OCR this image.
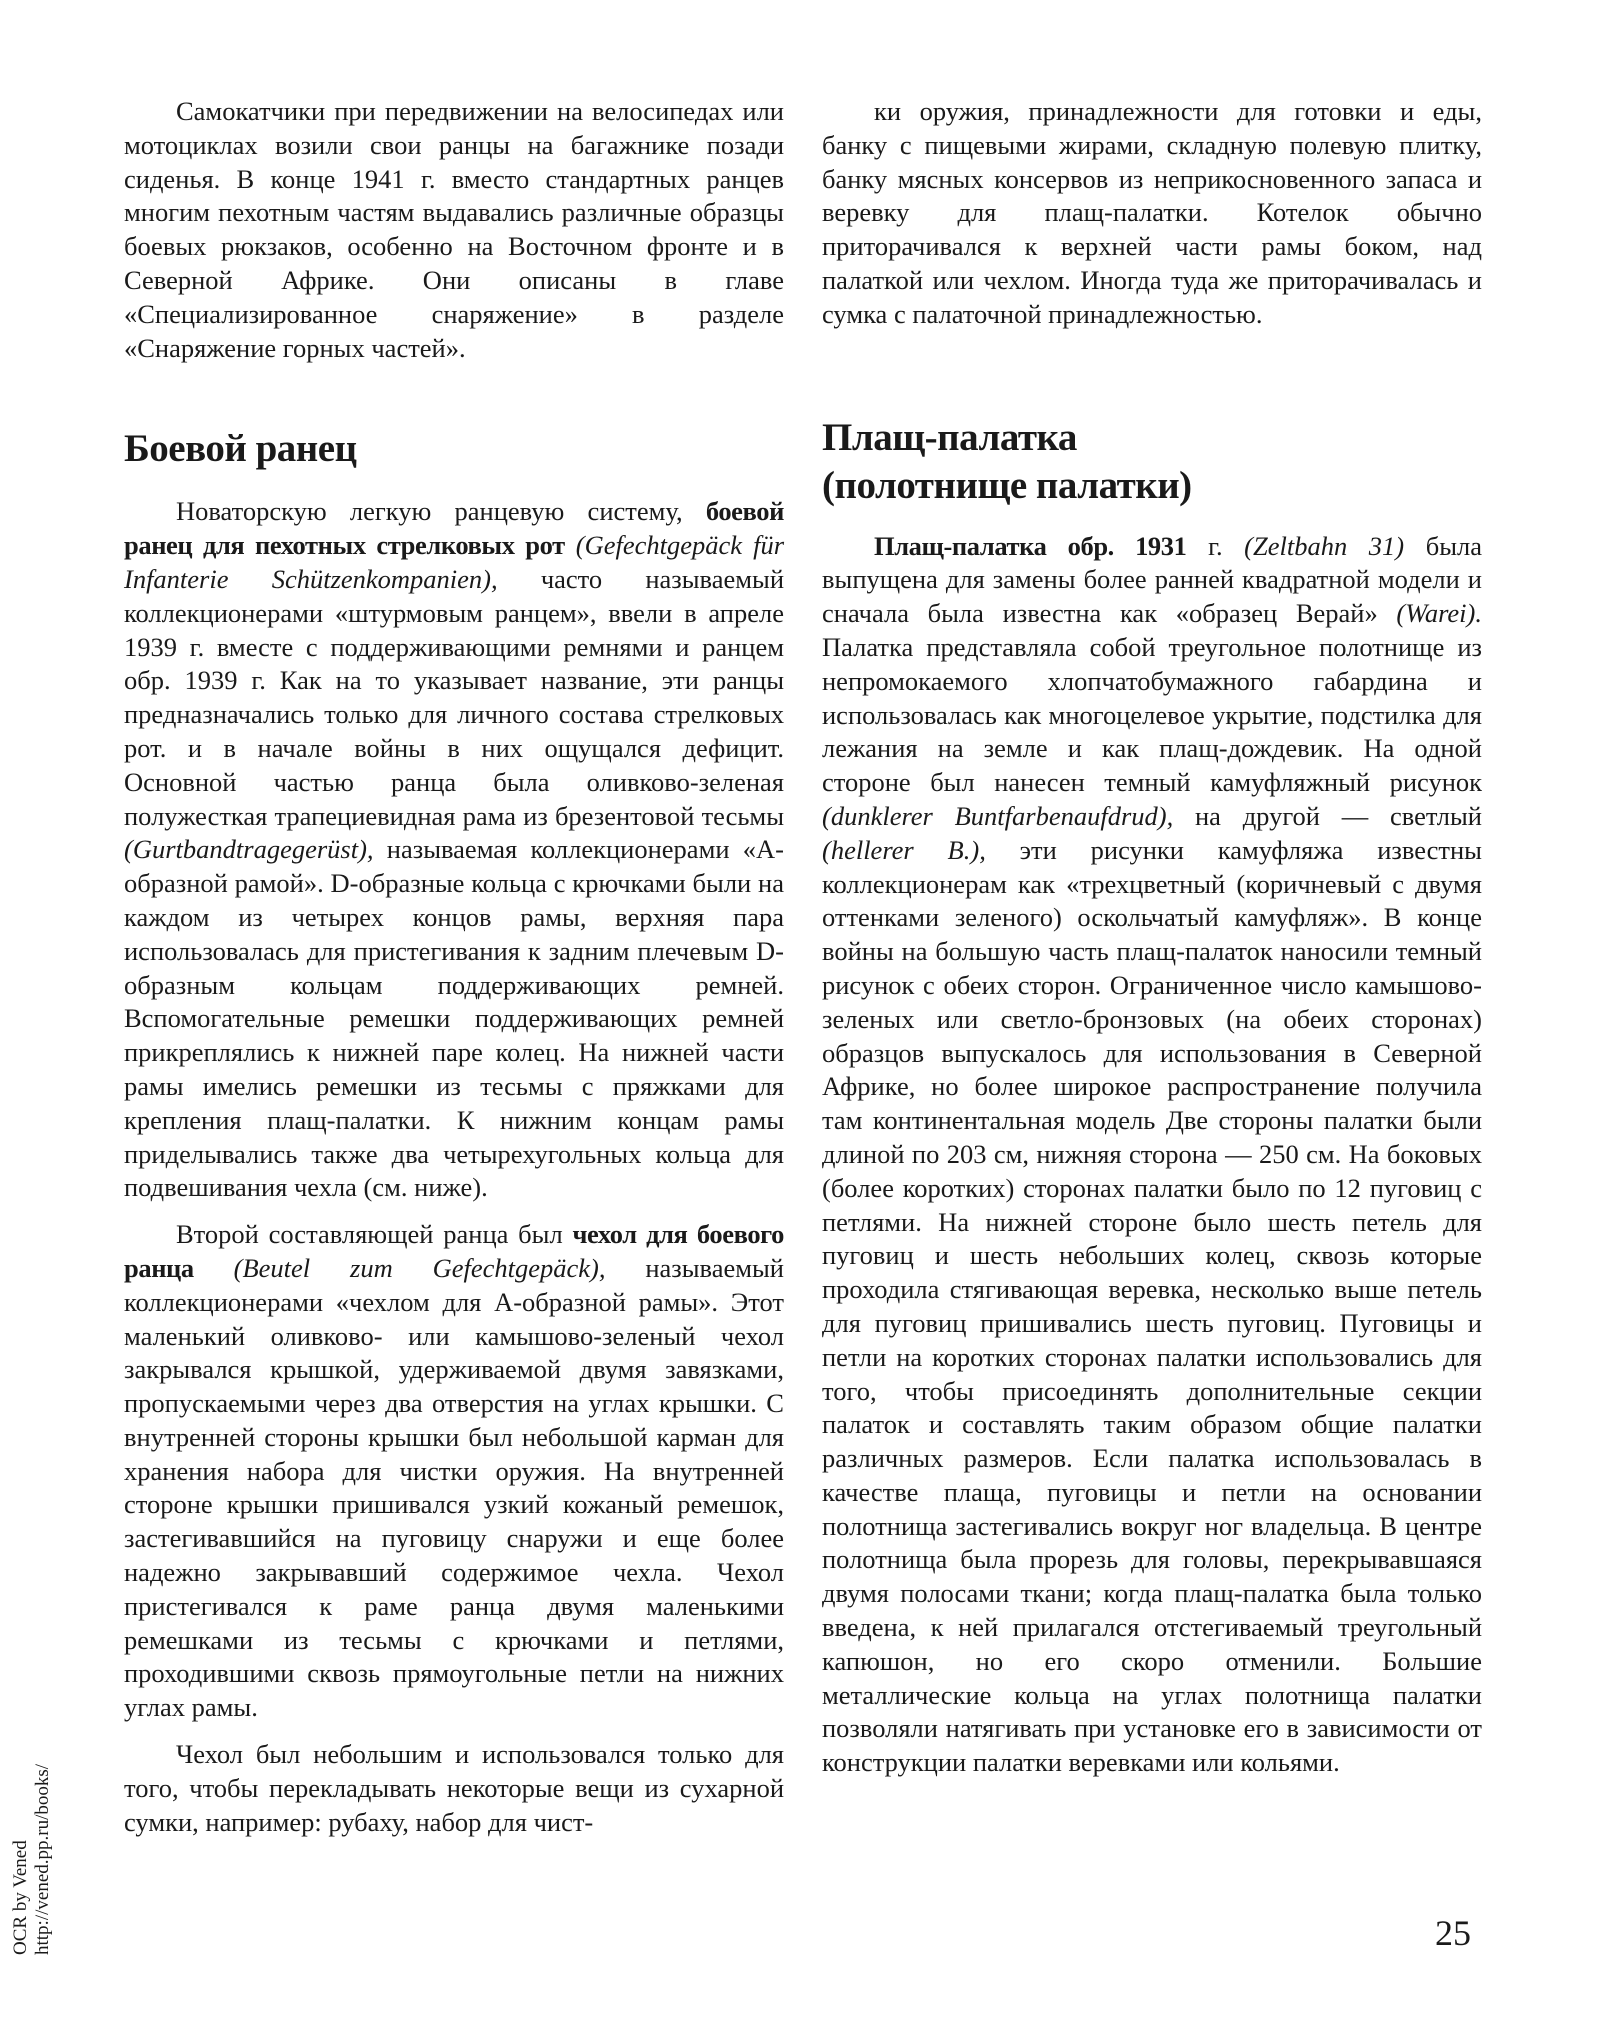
Самокатчики при передвижении на велосипедах или мотоциклах возили свои ранцы на багажнике позади сиденья. В конце 1941 г. вместо стандартных ранцев многим пехотным частям выдавались различные образцы боевых рюкзаков, особенно на Восточном фронте и в Северной Африке. Они описаны в главе «Специализированное снаряжение» в разделе «Снаряжение горных частей».

Боевой ранец

Новаторскую легкую ранцевую систему, боевой ранец для пехотных стрелковых рот (Gefechtgepäck für Infanterie Schützenkompanien), часто называемый коллекционерами «штурмовым ранцем», ввели в апреле 1939 г. вместе с поддерживающими ремнями и ранцем обр. 1939 г. Как на то указывает название, эти ранцы предназначались только для личного состава стрелковых рот. и в начале войны в них ощущался дефицит. Основной частью ранца была оливково-зеленая полужесткая трапециевидная рама из брезентовой тесьмы (Gurtbandtragegerüst), называемая коллекционерами «А-образной рамой». D-образные кольца с крючками были на каждом из четырех концов рамы, верхняя пара использовалась для пристегивания к задним плечевым D-образным кольцам поддерживающих ремней. Вспомогательные ремешки поддерживающих ремней прикреплялись к нижней паре колец. На нижней части рамы имелись ремешки из тесьмы с пряжками для крепления плащ-палатки. К нижним концам рамы приделывались также два четырехугольных кольца для подвешивания чехла (см. ниже).

Второй составляющей ранца был чехол для боевого ранца (Beutel zum Gefechtgepäck), называемый коллекционерами «чехлом для А-образной рамы». Этот маленький оливково- или камышово-зеленый чехол закрывался крышкой, удерживаемой двумя завязками, пропускаемыми через два отверстия на углах крышки. С внутренней стороны крышки был небольшой карман для хранения набора для чистки оружия. На внутренней стороне крышки пришивался узкий кожаный ремешок, застегивавшийся на пуговицу снаружи и еще более надежно закрывавший содержимое чехла. Чехол пристегивался к раме ранца двумя маленькими ремешками из тесьмы с крючками и петлями, проходившими сквозь прямоугольные петли на нижних углах рамы.

Чехол был небольшим и использовался только для того, чтобы перекладывать некоторые вещи из сухарной сумки, например: рубаху, набор для чист-

ки оружия, принадлежности для готовки и еды, банку с пищевыми жирами, складную полевую плитку, банку мясных консервов из неприкосновенного запаса и веревку для плащ-палатки. Котелок обычно приторачивался к верхней части рамы боком, над палаткой или чехлом. Иногда туда же приторачивалась и сумка с палаточной принадлежностью.

Плащ-палатка
(полотнище палатки)

Плащ-палатка обр. 1931 г. (Zeltbahn 31) была выпущена для замены более ранней квадратной модели и сначала была известна как «образец Верай» (Warei). Палатка представляла собой треугольное полотнище из непромокаемого хлопчатобумажного габардина и использовалась как многоцелевое укрытие, подстилка для лежания на земле и как плащ-дождевик. На одной стороне был нанесен темный камуфляжный рисунок (dunklerer Buntfarbenaufdrud), на другой — светлый (hellerer B.), эти рисунки камуфляжа известны коллекционерам как «трехцветный (коричневый с двумя оттенками зеленого) оскольчатый камуфляж». В конце войны на большую часть плащ-палаток наносили темный рисунок с обеих сторон. Ограниченное число камышово-зеленых или светло-бронзовых (на обеих сторонах) образцов выпускалось для использования в Северной Африке, но более широкое распространение получила там континентальная модель Две стороны палатки были длиной по 203 см, нижняя сторона — 250 см. На боковых (более коротких) сторонах палатки было по 12 пуговиц с петлями. На нижней стороне было шесть петель для пуговиц и шесть небольших колец, сквозь которые проходила стягивающая веревка, несколько выше петель для пуговиц пришивались шесть пуговиц. Пуговицы и петли на коротких сторонах палатки использовались для того, чтобы присоединять дополнительные секции палаток и составлять таким образом общие палатки различных размеров. Если палатка использовалась в качестве плаща, пуговицы и петли на основании полотнища застегивались вокруг ног владельца. В центре полотнища была прорезь для головы, перекрывавшаяся двумя полосами ткани; когда плащ-палатка была только введена, к ней прилагался отстегиваемый треугольный капюшон, но его скоро отменили. Большие металлические кольца на углах полотнища палатки позволяли натягивать при установке его в зависимости от конструкции палатки веревками или кольями.

25
OCR by Vened
http://vened.pp.ru/books/
